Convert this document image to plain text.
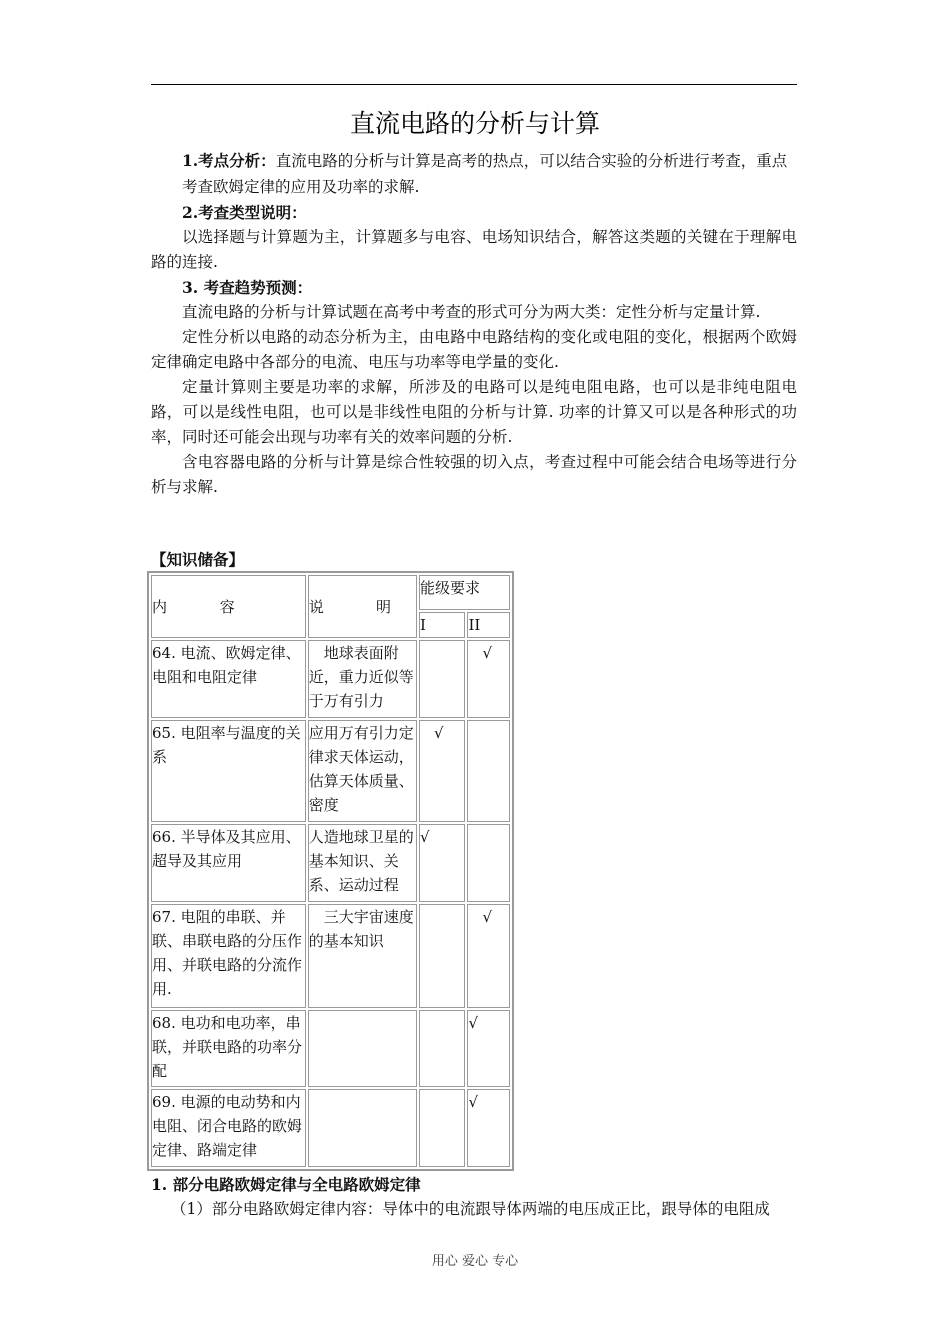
直流电路的分析与计算

1.考点分析：直流电路的分析与计算是高考的热点，可以结合实验的分析进行考查，重点考查欧姆定律的应用及功率的求解.

2.考查类型说明：

以选择题与计算题为主，计算题多与电容、电场知识结合，解答这类题的关键在于理解电路的连接.

3. 考查趋势预测：

直流电路的分析与计算试题在高考中考查的形式可分为两大类：定性分析与定量计算.

定性分析以电路的动态分析为主，由电路中电路结构的变化或电阻的变化，根据两个欧姆定律确定电路中各部分的电流、电压与功率等电学量的变化.

定量计算则主要是功率的求解，所涉及的电路可以是纯电阻电路，也可以是非纯电阻电路，可以是线性电阻，也可以是非线性电阻的分析与计算. 功率的计算又可以是各种形式的功率，同时还可能会出现与功率有关的效率问题的分析.

含电容器电路的分析与计算是综合性较强的切入点，考查过程中可能会结合电场等进行分析与求解.

【知识储备】
内 容	说 明	能级要求	
		I	II
64. 电流、欧姆定律、电阻和电阻定律	地球表面附近，重力近似等于万有引力		√
65. 电阻率与温度的关系	应用万有引力定律求天体运动，估算天体质量、密度	√	
66. 半导体及其应用、超导及其应用	人造地球卫星的基本知识、关系、运动过程	√	
67. 电阻的串联、并联、串联电路的分压作用、并联电路的分流作用.	三大宇宙速度的基本知识		√
68. 电功和电功率，串联，并联电路的功率分配			√
69. 电源的电动势和内电阻、闭合电路的欧姆定律、路端定律			√
1. 部分电路欧姆定律与全电路欧姆定律
（1）部分电路欧姆定律内容：导体中的电流跟导体两端的电压成正比，跟导体的电阻成
用心 爱心 专心
